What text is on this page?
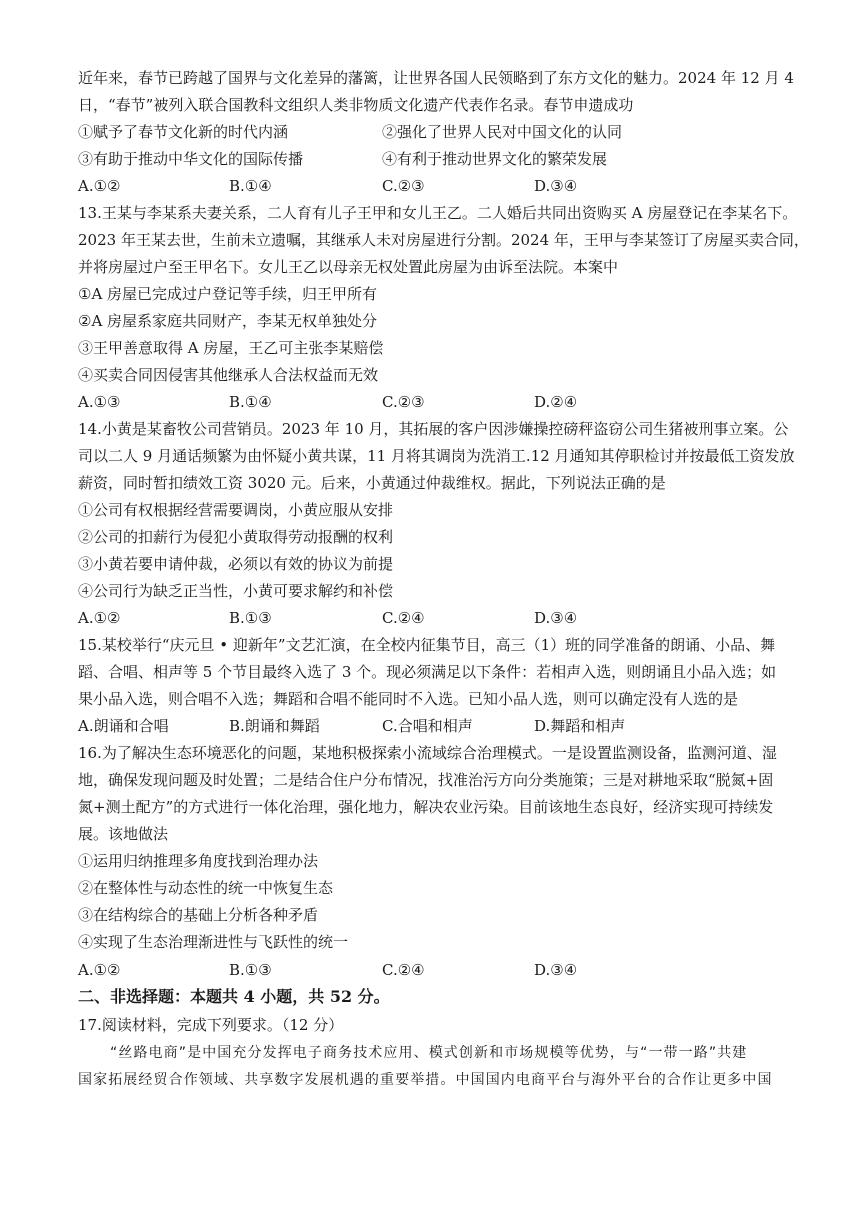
近年来，春节已跨越了国界与文化差异的藩篱，让世界各国人民领略到了东方文化的魅力。2024 年 12 月 4
日，“春节”被列入联合国教科文组织人类非物质文化遗产代表作名录。春节申遗成功
①赋予了春节文化新的时代内涵	②强化了世界人民对中国文化的认同
③有助于推动中华文化的国际传播	④有利于推动世界文化的繁荣发展
A.①②	B.①④	C.②③	D.③④
13.王某与李某系夫妻关系，二人育有儿子王甲和女儿王乙。二人婚后共同出资购买 A 房屋登记在李某名下。
2023 年王某去世，生前未立遗嘱，其继承人未对房屋进行分割。2024 年，王甲与李某签订了房屋买卖合同，
并将房屋过户至王甲名下。女儿王乙以母亲无权处置此房屋为由诉至法院。本案中
①A 房屋已完成过户登记等手续，归王甲所有
②A 房屋系家庭共同财产，李某无权单独处分
③王甲善意取得 A 房屋，王乙可主张李某赔偿
④买卖合同因侵害其他继承人合法权益而无效
A.①③	B.①④	C.②③	D.②④
14.小黄是某畜牧公司营销员。2023 年 10 月，其拓展的客户因涉嫌操控磅秤盗窃公司生猪被刑事立案。公
司以二人 9 月通话频繁为由怀疑小黄共谋，11 月将其调岗为洗消工.12 月通知其停职检讨并按最低工资发放
薪资，同时暂扣绩效工资 3020 元。后来，小黄通过仲裁维权。据此，下列说法正确的是
①公司有权根据经营需要调岗，小黄应服从安排
②公司的扣薪行为侵犯小黄取得劳动报酬的权利
③小黄若要申请仲裁，必须以有效的协议为前提
④公司行为缺乏正当性，小黄可要求解约和补偿
A.①②	B.①③	C.②④	D.③④
15.某校举行“庆元旦 • 迎新年”文艺汇演，在全校内征集节目，高三（1）班的同学准备的朗诵、小品、舞
蹈、合唱、相声等 5 个节目最终入选了 3 个。现必须满足以下条件：若相声入选，则朗诵且小品入选；如
果小品入选，则合唱不入选；舞蹈和合唱不能同时不入选。已知小品人选，则可以确定没有人选的是
A.朗诵和合唱	B.朗诵和舞蹈	C.合唱和相声	D.舞蹈和相声
16.为了解决生态环境恶化的问题，某地积极探索小流域综合治理模式。一是设置监测设备，监测河道、湿
地，确保发现问题及时处置；二是结合住户分布情况，找准治污方向分类施策；三是对耕地采取“脱氮+固
氮+测土配方”的方式进行一体化治理，强化地力，解决农业污染。目前该地生态良好，经济实现可持续发
展。该地做法
①运用归纳推理多角度找到治理办法
②在整体性与动态性的统一中恢复生态
③在结构综合的基础上分析各种矛盾
④实现了生态治理渐进性与飞跃性的统一
A.①②	B.①③	C.②④	D.③④
二、非选择题：本题共 4 小题，共 52 分。
17.阅读材料，完成下列要求。（12 分）
“丝路电商”是中国充分发挥电子商务技术应用、模式创新和市场规模等优势，与“一带一路”共建
国家拓展经贸合作领域、共享数字发展机遇的重要举措。中国国内电商平台与海外平台的合作让更多中国
